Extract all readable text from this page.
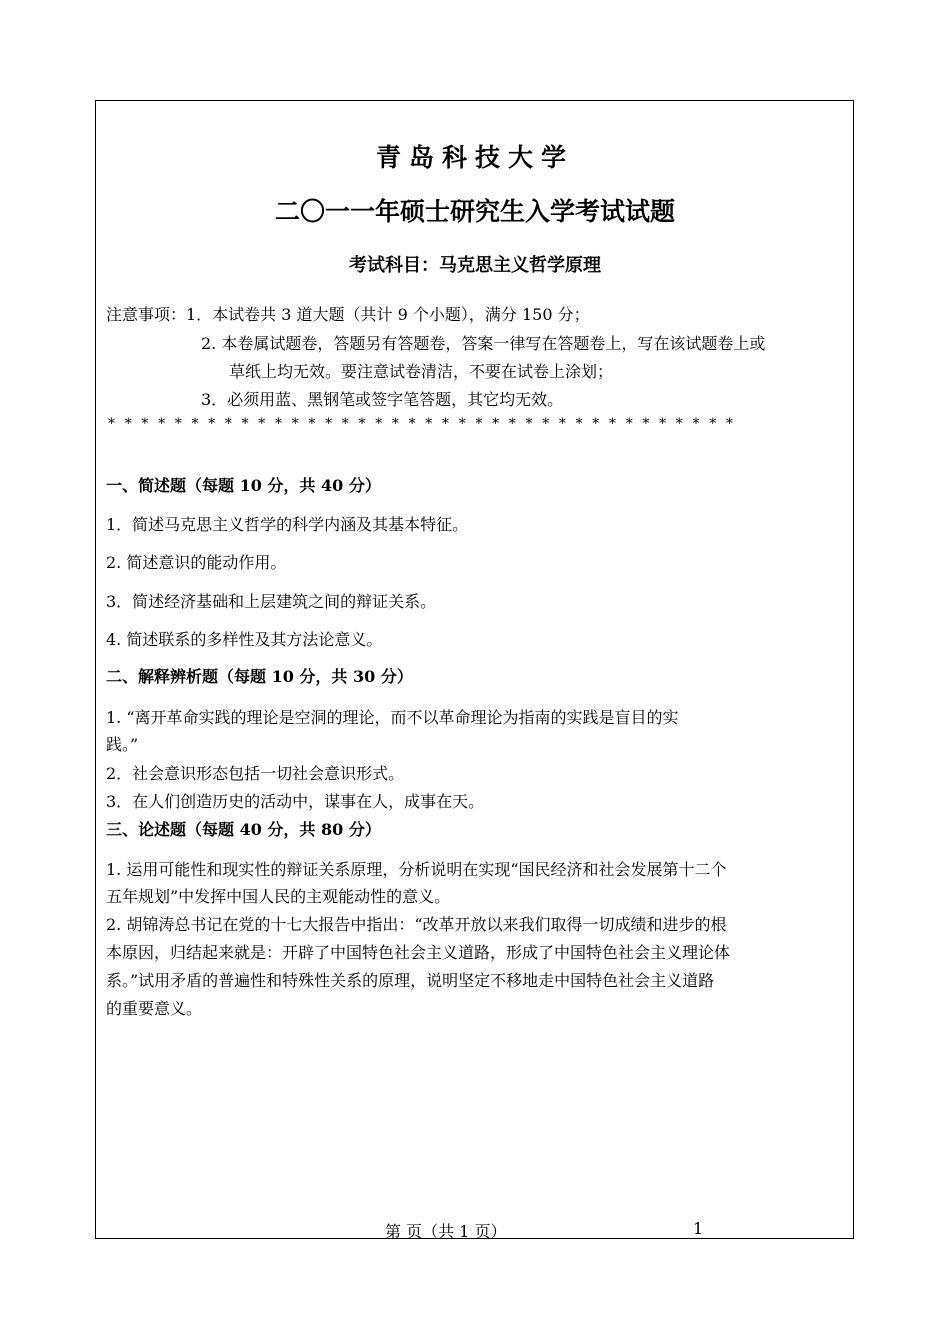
青岛科技大学
二〇一一年硕士研究生入学考试试题
考试科目：马克思主义哲学原理
注意事项：1．本试卷共 3 道大题（共计 9 个小题），满分 150 分；
2. 本卷属试题卷，答题另有答题卷，答案一律写在答题卷上，写在该试题卷上或
草纸上均无效。要注意试卷清洁，不要在试卷上涂划；
3．必须用蓝、黑钢笔或签字笔答题，其它均无效。
**************************************
一、简述题（每题 10 分，共 40 分）
1．简述马克思主义哲学的科学内涵及其基本特征。
2. 简述意识的能动作用。
3．简述经济基础和上层建筑之间的辩证关系。
4. 简述联系的多样性及其方法论意义。
二、解释辨析题（每题 10 分，共 30 分）
1. “离开革命实践的理论是空洞的理论，而不以革命理论为指南的实践是盲目的实
践。”
2．社会意识形态包括一切社会意识形式。
3．在人们创造历史的活动中，谋事在人，成事在天。
三、论述题（每题 40 分，共 80 分）
1. 运用可能性和现实性的辩证关系原理，分析说明在实现“国民经济和社会发展第十二个
五年规划”中发挥中国人民的主观能动性的意义。
2. 胡锦涛总书记在党的十七大报告中指出：“改革开放以来我们取得一切成绩和进步的根
本原因，归结起来就是：开辟了中国特色社会主义道路，形成了中国特色社会主义理论体
系。”试用矛盾的普遍性和特殊性关系的原理，说明坚定不移地走中国特色社会主义道路
的重要意义。
第 页（共 1 页）	1
